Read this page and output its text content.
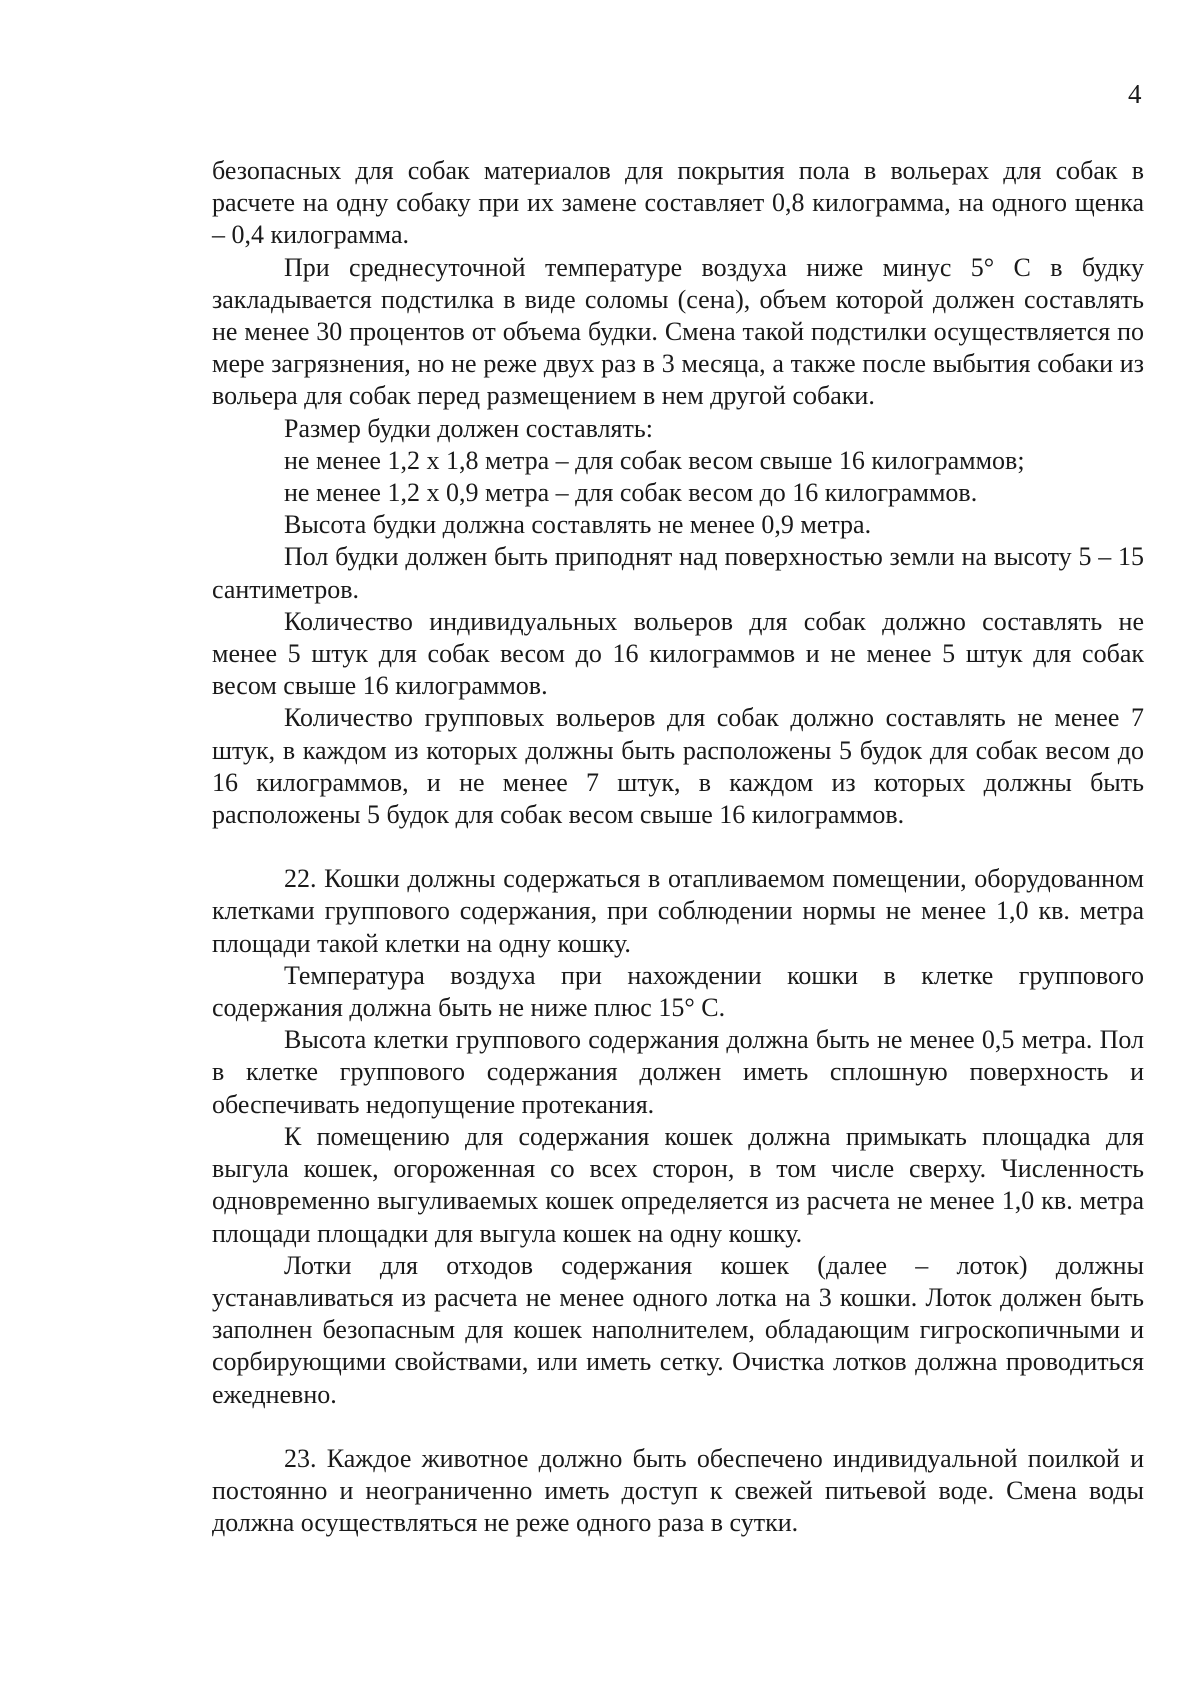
4

безопасных для собак материалов для покрытия пола в вольерах для собак в расчете на одну собаку при их замене составляет 0,8 килограмма, на одного щенка – 0,4 килограмма.

При среднесуточной температуре воздуха ниже минус 5° С в будку закладывается подстилка в виде соломы (сена), объем которой должен составлять не менее 30 процентов от объема будки. Смена такой подстилки осуществляется по мере загрязнения, но не реже двух раз в 3 месяца, а также после выбытия собаки из вольера для собак перед размещением в нем другой собаки.

Размер будки должен составлять:

не менее 1,2 x 1,8 метра – для собак весом свыше 16 килограммов;

не менее 1,2 x 0,9 метра – для собак весом до 16 килограммов.

Высота будки должна составлять не менее 0,9 метра.

Пол будки должен быть приподнят над поверхностью земли на высоту 5 – 15 сантиметров.

Количество индивидуальных вольеров для собак должно составлять не менее 5 штук для собак весом до 16 килограммов и не менее 5 штук для собак весом свыше 16 килограммов.

Количество групповых вольеров для собак должно составлять не менее 7 штук, в каждом из которых должны быть расположены 5 будок для собак весом до 16 килограммов, и не менее 7 штук, в каждом из которых должны быть расположены 5 будок для собак весом свыше 16 килограммов.

22. Кошки должны содержаться в отапливаемом помещении, оборудованном клетками группового содержания, при соблюдении нормы не менее 1,0 кв. метра площади такой клетки на одну кошку.

Температура воздуха при нахождении кошки в клетке группового содержания должна быть не ниже плюс 15° С.

Высота клетки группового содержания должна быть не менее 0,5 метра. Пол в клетке группового содержания должен иметь сплошную поверхность и обеспечивать недопущение протекания.

К помещению для содержания кошек должна примыкать площадка для выгула кошек, огороженная со всех сторон, в том числе сверху. Численность одновременно выгуливаемых кошек определяется из расчета не менее 1,0 кв. метра площади площадки для выгула кошек на одну кошку.

Лотки для отходов содержания кошек (далее – лоток) должны устанавливаться из расчета не менее одного лотка на 3 кошки. Лоток должен быть заполнен безопасным для кошек наполнителем, обладающим гигроскопичными и сорбирующими свойствами, или иметь сетку. Очистка лотков должна проводиться ежедневно.

23. Каждое животное должно быть обеспечено индивидуальной поилкой и постоянно и неограниченно иметь доступ к свежей питьевой воде. Смена воды должна осуществляться не реже одного раза в сутки.
